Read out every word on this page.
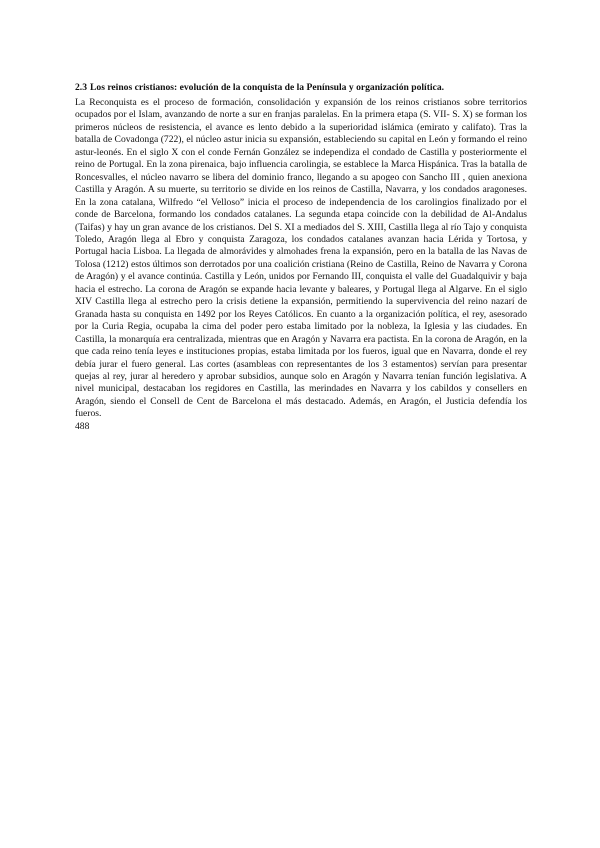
2.3 Los reinos cristianos: evolución de la conquista de la Península y organización política.

La Reconquista es el proceso de formación, consolidación y expansión de los reinos cristianos sobre territorios ocupados por el Islam, avanzando de norte a sur en franjas paralelas. En la primera etapa (S. VII- S. X) se forman los primeros núcleos de resistencia, el avance es lento debido a la superioridad islámica (emirato y califato). Tras la batalla de Covadonga (722), el núcleo astur inicia su expansión, estableciendo su capital en León y formando el reino astur-leonés. En el siglo X con el conde Fernán González se independiza el condado de Castilla y posteriormente el reino de Portugal. En la zona pirenaica, bajo influencia carolingia, se establece la Marca Hispánica. Tras la batalla de Roncesvalles, el núcleo navarro se libera del dominio franco, llegando a su apogeo con Sancho III , quien anexiona Castilla y Aragón. A su muerte, su territorio se divide en los reinos de Castilla, Navarra, y los condados aragoneses. En la zona catalana, Wilfredo “el Velloso” inicia el proceso de independencia de los carolingios finalizado por el conde de Barcelona, formando los condados catalanes. La segunda etapa coincide con la debilidad de Al-Andalus (Taifas) y hay un gran avance de los cristianos. Del S. XI a mediados del S. XIII, Castilla llega al río Tajo y conquista Toledo, Aragón llega al Ebro y conquista Zaragoza, los condados catalanes avanzan hacia Lérida y Tortosa, y Portugal hacia Lisboa. La llegada de almorávides y almohades frena la expansión, pero en la batalla de las Navas de Tolosa (1212) estos últimos son derrotados por una coalición cristiana (Reino de Castilla, Reino de Navarra y Corona de Aragón) y el avance continúa. Castilla y León, unidos por Fernando III, conquista el valle del Guadalquivir y baja hacia el estrecho. La corona de Aragón se expande hacia levante y baleares, y Portugal llega al Algarve. En el siglo XIV Castilla llega al estrecho pero la crisis detiene la expansión, permitiendo la supervivencia del reino nazarí de Granada hasta su conquista en 1492 por los Reyes Católicos. En cuanto a la organización política, el rey, asesorado por la Curia Regia, ocupaba la cima del poder pero estaba limitado por la nobleza, la Iglesia y las ciudades. En Castilla, la monarquía era centralizada, mientras que en Aragón y Navarra era pactista. En la corona de Aragón, en la que cada reino tenía leyes e instituciones propias, estaba limitada por los fueros, igual que en Navarra, donde el rey debía jurar el fuero general. Las cortes (asambleas con representantes de los 3 estamentos) servían para presentar quejas al rey, jurar al heredero y aprobar subsidios, aunque solo en Aragón y Navarra tenían función legislativa. A nivel municipal, destacaban los regidores en Castilla, las merindades en Navarra y los cabildos y consellers en Aragón, siendo el Consell de Cent de Barcelona el más destacado. Además, en Aragón, el Justicia defendía los fueros.

488
